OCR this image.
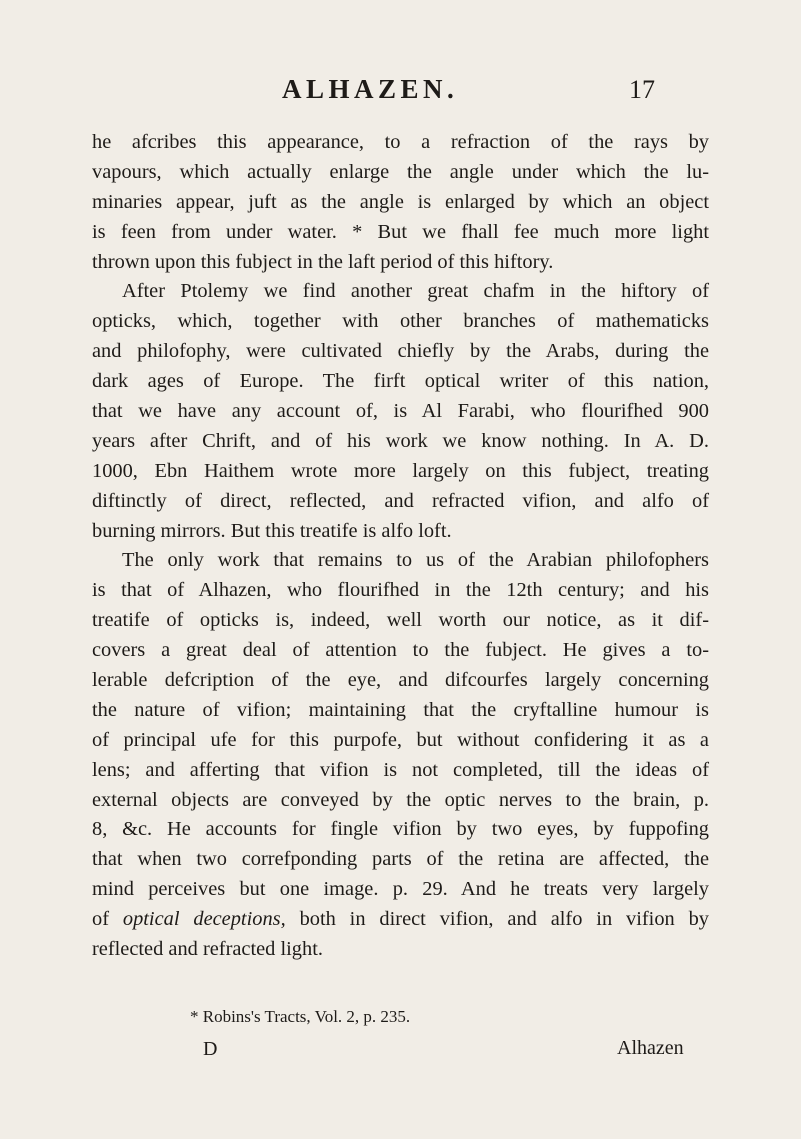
ALHAZEN.	17
he afcribes this appearance, to a refraction of the rays by
vapours, which actually enlarge the angle under which the lu-
minaries appear, juft as the angle is enlarged by which an object
is feen from under water. * But we fhall fee much more light
thrown upon this fubject in the laft period of this hiftory.
After Ptolemy we find another great chafm in the hiftory of
opticks, which, together with other branches of mathematicks
and philofophy, were cultivated chiefly by the Arabs, during the
dark ages of Europe. The firft optical writer of this nation,
that we have any account of, is Al Farabi, who flourifhed 900
years after Chrift, and of his work we know nothing. In A. D.
1000, Ebn Haithem wrote more largely on this fubject, treating
diftinctly of direct, reflected, and refracted vifion, and alfo of
burning mirrors. But this treatife is alfo loft.
The only work that remains to us of the Arabian philofophers
is that of Alhazen, who flourifhed in the 12th century; and his
treatife of opticks is, indeed, well worth our notice, as it dif-
covers a great deal of attention to the fubject. He gives a to-
lerable defcription of the eye, and difcourfes largely concerning
the nature of vifion; maintaining that the cryftalline humour is
of principal ufe for this purpofe, but without confidering it as a
lens; and afferting that vifion is not completed, till the ideas of
external objects are conveyed by the optic nerves to the brain, p.
8, &c. He accounts for fingle vifion by two eyes, by fuppofing
that when two correfponding parts of the retina are affected, the
mind perceives but one image. p. 29. And he treats very largely
of optical deceptions, both in direct vifion, and alfo in vifion by
reflected and refracted light.
* Robins's Tracts, Vol. 2, p. 235.
D	Alhazen
